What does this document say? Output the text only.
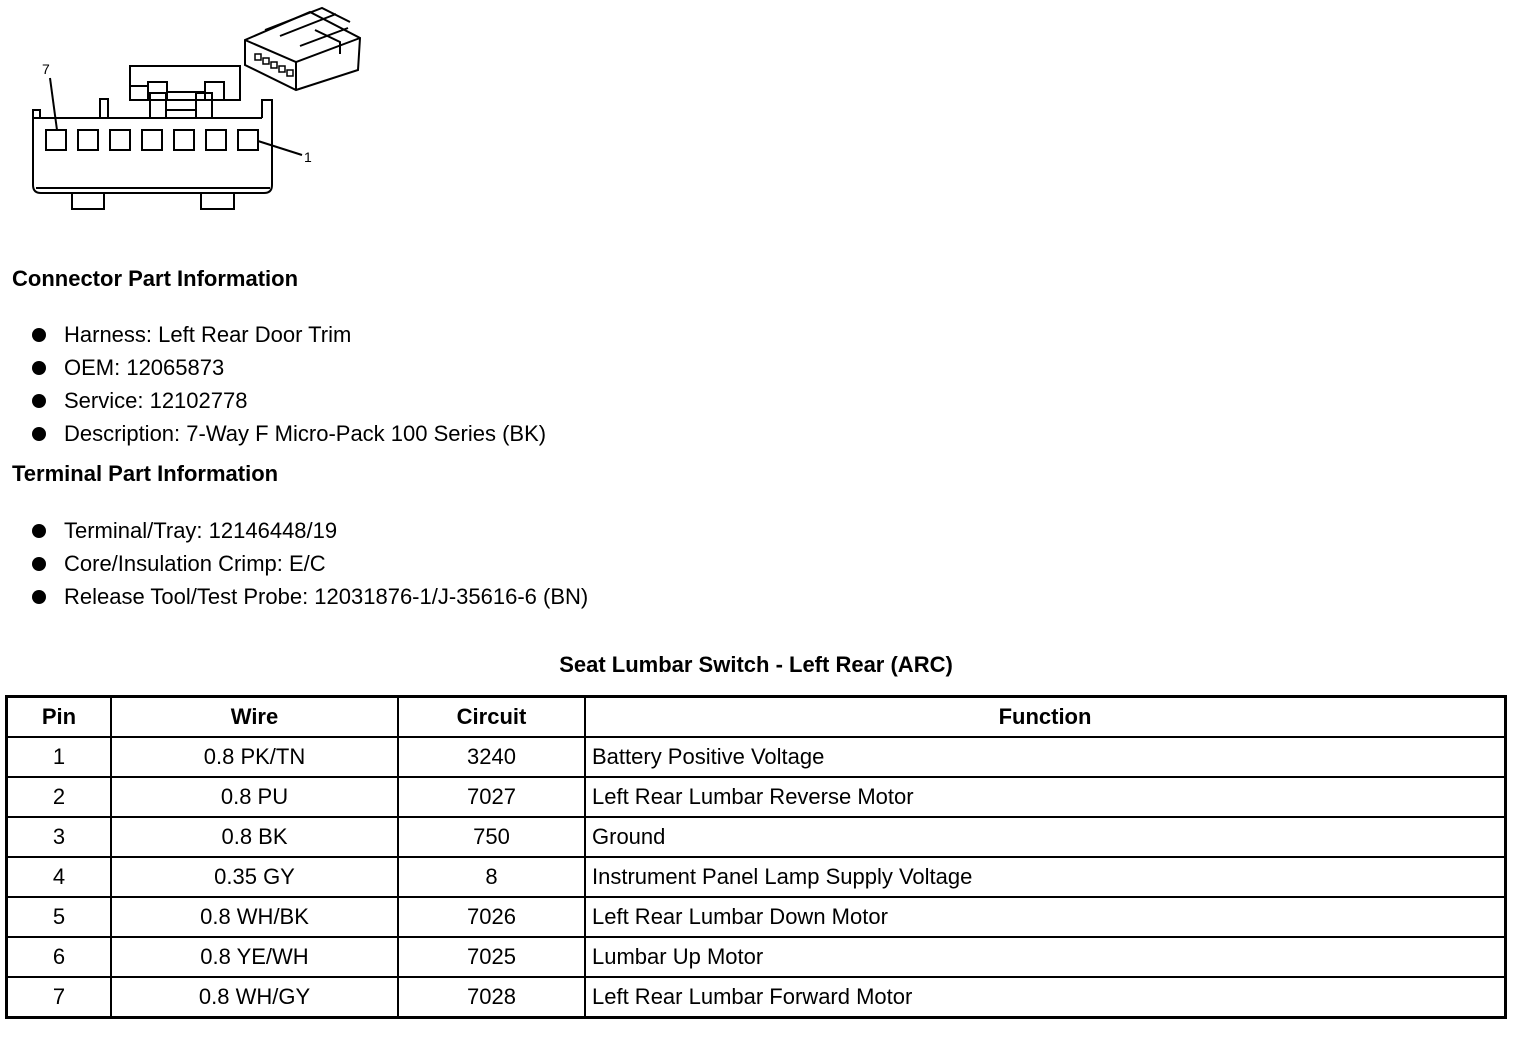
7
1
Connector Part Information
Harness: Left Rear Door Trim
OEM: 12065873
Service: 12102778
Description: 7-Way F Micro-Pack 100 Series (BK)
Terminal Part Information
Terminal/Tray: 12146448/19
Core/Insulation Crimp: E/C
Release Tool/Test Probe: 12031876-1/J-35616-6 (BN)
Seat Lumbar Switch - Left Rear (ARC)
Pin	Wire	Circuit	Function
1	0.8 PK/TN	3240	Battery Positive Voltage
2	0.8 PU	7027	Left Rear Lumbar Reverse Motor
3	0.8 BK	750	Ground
4	0.35 GY	8	Instrument Panel Lamp Supply Voltage
5	0.8 WH/BK	7026	Left Rear Lumbar Down Motor
6	0.8 YE/WH	7025	Lumbar Up Motor
7	0.8 WH/GY	7028	Left Rear Lumbar Forward Motor
